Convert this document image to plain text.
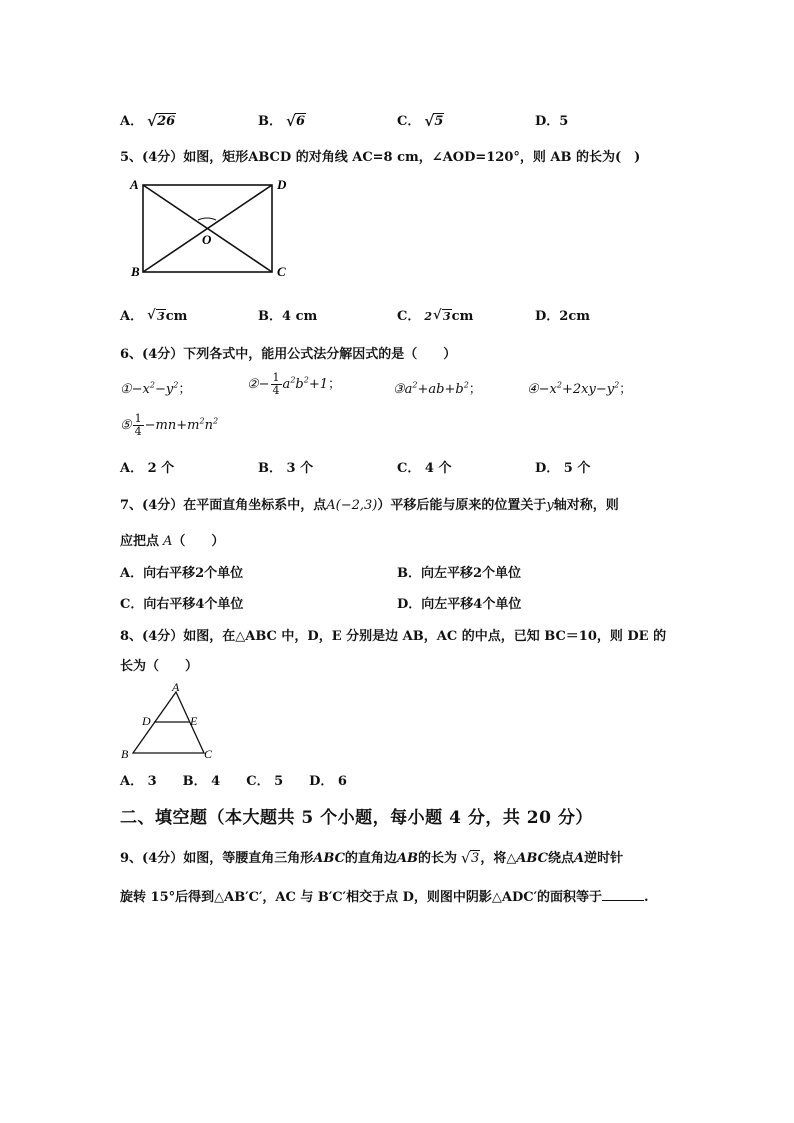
A． √ 26	B． √ 6	C． √ 5	D．5
5、(4分）如图，矩形ABCD 的对角线 AC=8 cm，∠AOD=120°，则 AB 的长为(　)
A	D
B	C
O
A． √ 3cm	B．4 cm	C． 2 √ 3cm	D．2cm
6、(4分）下列各式中，能用公式法分解因式的是（　　）
$①-x^2-y^2$；	②− $\frac{1}{4} a^2b^2+1$；	$③a^2+ab+b^2$；	$④-x^2+2xy-y^2$；
⑤ $\frac{1}{4} -mn+m^2n^2$
A． 2 个	B． 3 个	C． 4 个	D． 5 个
7、(4分）在平面直角坐标系中，点A(−2,3)）平移后能与原来的位置关于y轴对称，则
应把点 A（　　）
A．向右平移2个单位	B．向左平移2个单位
C．向右平移4个单位	D．向左平移4个单位
8、(4分）如图，在△ABC 中，D，E 分别是边 AB，AC 的中点，已知 BC＝10，则 DE 的
长为（　　）
A
D	E
B	C
A． 3　　B． 4　　C． 5　　D． 6
二、填空题（本大题共 5 个小题，每小题 4 分，共 20 分）
9、(4分）如图，等腰直角三角形ABC的直角边AB的长为 √ 3，将△ABC绕点A逆时针
旋转 15°后得到△AB′C′，AC 与 B′C′相交于点 D，则图中阴影△ADC′的面积等于	.
